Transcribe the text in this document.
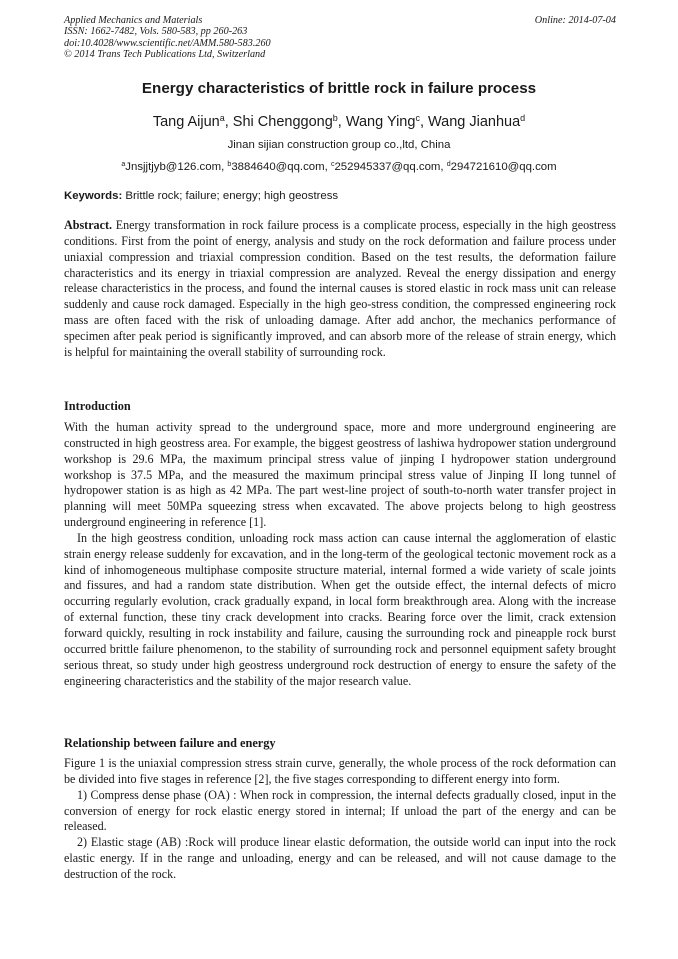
Applied Mechanics and Materials
ISSN: 1662-7482, Vols. 580-583, pp 260-263
doi:10.4028/www.scientific.net/AMM.580-583.260
© 2014 Trans Tech Publications Ltd, Switzerland
Online: 2014-07-04
Energy characteristics of brittle rock in failure process
Tang Aijun$^a$, Shi Chenggong$^b$, Wang Ying$^c$, Wang Jianhua$^d$
Jinan sijian construction group co.,ltd, China
$^a$Jnsjjtjyb@126.com, $^b$3884640@qq.com, $^c$252945337@qq.com, $^d$294721610@qq.com
Keywords: Brittle rock; failure; energy; high geostress

Abstract. Energy transformation in rock failure process is a complicate process, especially in the high geostress conditions. First from the point of energy, analysis and study on the rock deformation and failure process under uniaxial compression and triaxial compression condition. Based on the test results, the deformation failure characteristics and its energy in triaxial compression are analyzed. Reveal the energy dissipation and energy release characteristics in the process, and found the internal causes is stored elastic in rock mass unit can release suddenly and cause rock damaged. Especially in the high geo-stress condition, the compressed engineering rock mass are often faced with the risk of unloading damage. After add anchor, the mechanics performance of specimen after peak period is significantly improved, and can absorb more of the release of strain energy, which is helpful for maintaining the overall stability of surrounding rock.

Introduction

With the human activity spread to the underground space, more and more underground engineering are constructed in high geostress area. For example, the biggest geostress of lashiwa hydropower station underground workshop is 29.6 MPa, the maximum principal stress value of jinping I hydropower station underground workshop is 37.5 MPa, and the measured the maximum principal stress value of Jinping II long tunnel of hydropower station is as high as 42 MPa. The part west-line project of south-to-north water transfer project in planning will meet 50MPa squeezing stress when excavated. The above projects belong to high geostress underground engineering in reference [1].

In the high geostress condition, unloading rock mass action can cause internal the agglomeration of elastic strain energy release suddenly for excavation, and in the long-term of the geological tectonic movement rock as a kind of inhomogeneous multiphase composite structure material, internal formed a wide variety of scale joints and fissures, and had a random state distribution. When get the outside effect, the internal defects of micro occurring regularly evolution, crack gradually expand, in local form breakthrough area. Along with the increase of external function, these tiny crack development into cracks. Bearing force over the limit, crack extension forward quickly, resulting in rock instability and failure, causing the surrounding rock and pineapple rock burst occurred brittle failure phenomenon, to the stability of surrounding rock and personnel equipment safety brought serious threat, so study under high geostress underground rock destruction of energy to ensure the safety of the engineering characteristics and the stability of the major research value.

Relationship between failure and energy

Figure 1 is the uniaxial compression stress strain curve, generally, the whole process of the rock deformation can be divided into five stages in reference [2], the five stages corresponding to different energy into form.

1) Compress dense phase (OA) : When rock in compression, the internal defects gradually closed, input in the conversion of energy for rock elastic energy stored in internal; If unload the part of the energy and can be released.

2) Elastic stage (AB) :Rock will produce linear elastic deformation, the outside world can input into the rock elastic energy. If in the range and unloading, energy and can be released, and will not cause damage to the destruction of the rock.
